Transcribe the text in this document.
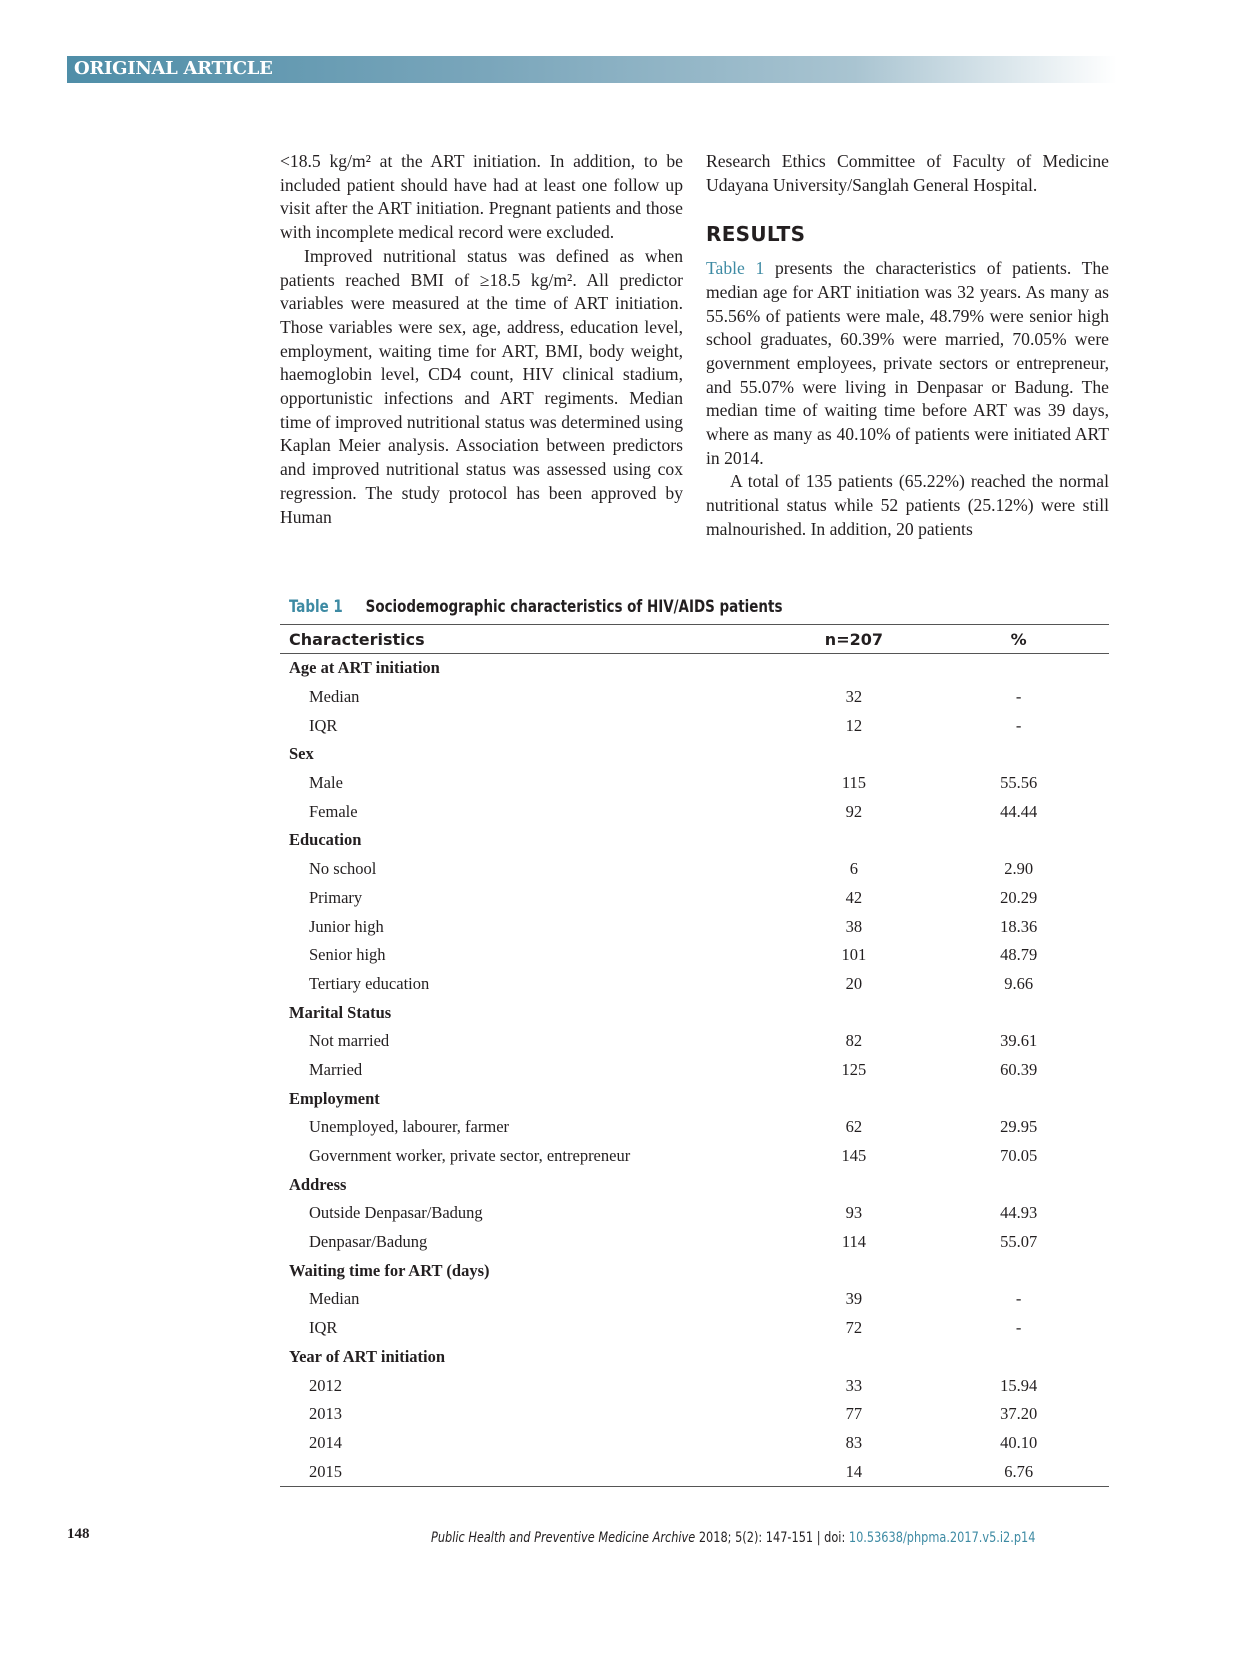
ORIGINAL ARTICLE

<18.5 kg/m² at the ART initiation. In addition, to be included patient should have had at least one follow up visit after the ART initiation. Pregnant patients and those with incomplete medical record were excluded.

Improved nutritional status was defined as when patients reached BMI of ≥18.5 kg/m². All predictor variables were measured at the time of ART initiation. Those variables were sex, age, address, education level, employment, waiting time for ART, BMI, body weight, haemoglobin level, CD4 count, HIV clinical stadium, opportunistic infections and ART regiments. Median time of improved nutritional status was determined using Kaplan Meier analysis. Association between predictors and improved nutritional status was assessed using cox regression. The study protocol has been approved by Human

Research Ethics Committee of Faculty of Medicine Udayana University/Sanglah General Hospital.

RESULTS

Table 1 presents the characteristics of patients. The median age for ART initiation was 32 years. As many as 55.56% of patients were male, 48.79% were senior high school graduates, 60.39% were married, 70.05% were government employees, private sectors or entrepreneur, and 55.07% were living in Denpasar or Badung. The median time of waiting time before ART was 39 days, where as many as 40.10% of patients were initiated ART in 2014.

A total of 135 patients (65.22%) reached the normal nutritional status while 52 patients (25.12%) were still malnourished. In addition, 20 patients

Table 1 Sociodemographic characteristics of HIV/AIDS patients
Characteristics	n=207	%
Age at ART initiation		
Median	32	-
IQR	12	-
Sex		
Male	115	55.56
Female	92	44.44
Education		
No school	6	2.90
Primary	42	20.29
Junior high	38	18.36
Senior high	101	48.79
Tertiary education	20	9.66
Marital Status		
Not married	82	39.61
Married	125	60.39
Employment		
Unemployed, labourer, farmer	62	29.95
Government worker, private sector, entrepreneur	145	70.05
Address		
Outside Denpasar/Badung	93	44.93
Denpasar/Badung	114	55.07
Waiting time for ART (days)		
Median	39	-
IQR	72	-
Year of ART initiation		
2012	33	15.94
2013	77	37.20
2014	83	40.10
2015	14	6.76
148	Public Health and Preventive Medicine Archive 2018; 5(2): 147-151 | doi: 10.53638/phpma.2017.v5.i2.p14
